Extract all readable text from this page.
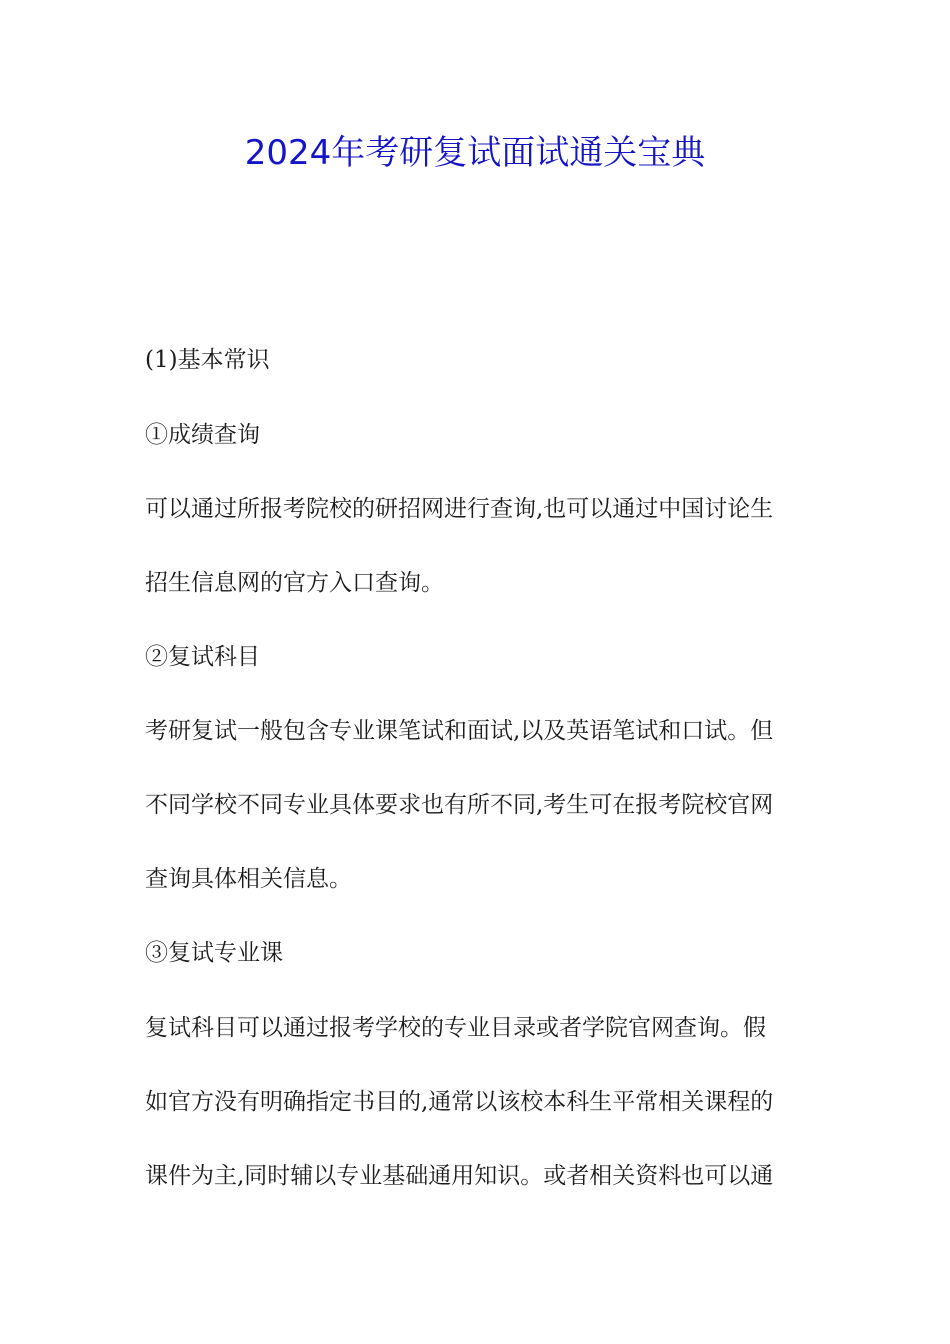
2024年考研复试面试通关宝典

(1)基本常识

①成绩查询

可以通过所报考院校的研招网进行查询,也可以通过中国讨论生

招生信息网的官方入口查询。

②复试科目

考研复试一般包含专业课笔试和面试,以及英语笔试和口试。但

不同学校不同专业具体要求也有所不同,考生可在报考院校官网

查询具体相关信息。

③复试专业课

复试科目可以通过报考学校的专业目录或者学院官网查询。假

如官方没有明确指定书目的,通常以该校本科生平常相关课程的

课件为主,同时辅以专业基础通用知识。或者相关资料也可以通
